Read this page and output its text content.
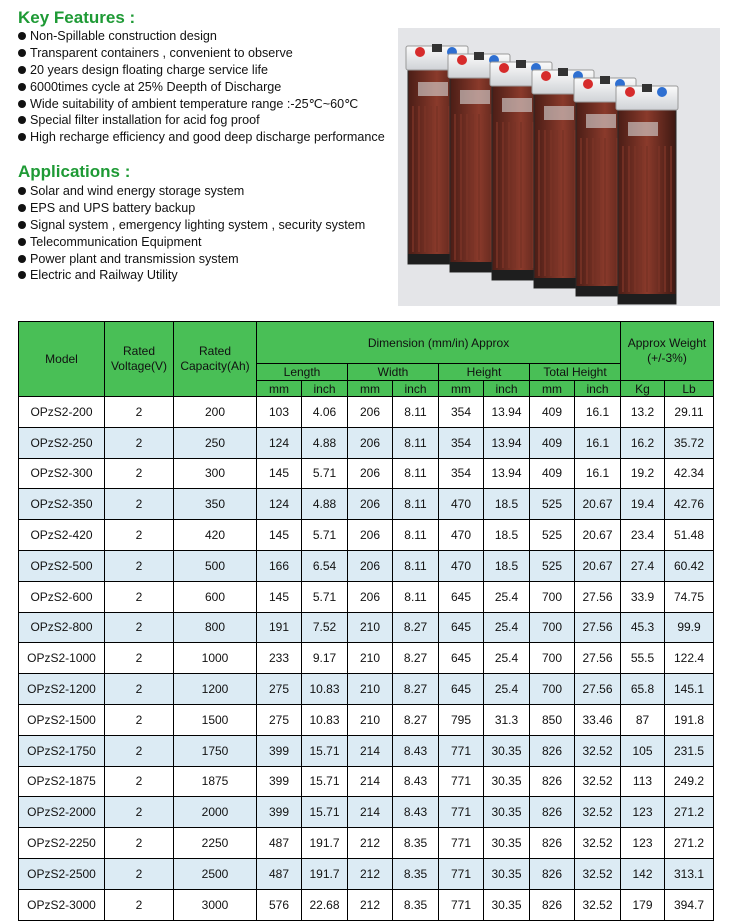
Key Features :
Non-Spillable construction design
Transparent containers , convenient to observe
20 years design floating charge service life
6000times cycle at 25% Deepth of Discharge
Wide suitability of ambient temperature range :-25℃~60℃
Special filter installation for acid fog proof
High recharge efficiency and good deep discharge performance
Applications :
Solar and wind energy storage system
EPS and UPS battery backup
Signal system , emergency lighting system , security system
Telecommunication Equipment
Power plant and transmission system
Electric and Railway Utility
Model	Rated Voltage(V)	Rated Capacity(Ah)	Dimension (mm/in) Approx								Approx Weight (+/-3%)	
			Length		Width		Height		Total Height			
			mm	inch	mm	inch	mm	inch	mm	inch	Kg	Lb
OPzS2-200	2	200	103	4.06	206	8.11	354	13.94	409	16.1	13.2	29.11
OPzS2-250	2	250	124	4.88	206	8.11	354	13.94	409	16.1	16.2	35.72
OPzS2-300	2	300	145	5.71	206	8.11	354	13.94	409	16.1	19.2	42.34
OPzS2-350	2	350	124	4.88	206	8.11	470	18.5	525	20.67	19.4	42.76
OPzS2-420	2	420	145	5.71	206	8.11	470	18.5	525	20.67	23.4	51.48
OPzS2-500	2	500	166	6.54	206	8.11	470	18.5	525	20.67	27.4	60.42
OPzS2-600	2	600	145	5.71	206	8.11	645	25.4	700	27.56	33.9	74.75
OPzS2-800	2	800	191	7.52	210	8.27	645	25.4	700	27.56	45.3	99.9
OPzS2-1000	2	1000	233	9.17	210	8.27	645	25.4	700	27.56	55.5	122.4
OPzS2-1200	2	1200	275	10.83	210	8.27	645	25.4	700	27.56	65.8	145.1
OPzS2-1500	2	1500	275	10.83	210	8.27	795	31.3	850	33.46	87	191.8
OPzS2-1750	2	1750	399	15.71	214	8.43	771	30.35	826	32.52	105	231.5
OPzS2-1875	2	1875	399	15.71	214	8.43	771	30.35	826	32.52	113	249.2
OPzS2-2000	2	2000	399	15.71	214	8.43	771	30.35	826	32.52	123	271.2
OPzS2-2250	2	2250	487	191.7	212	8.35	771	30.35	826	32.52	123	271.2
OPzS2-2500	2	2500	487	191.7	212	8.35	771	30.35	826	32.52	142	313.1
OPzS2-3000	2	3000	576	22.68	212	8.35	771	30.35	826	32.52	179	394.7
